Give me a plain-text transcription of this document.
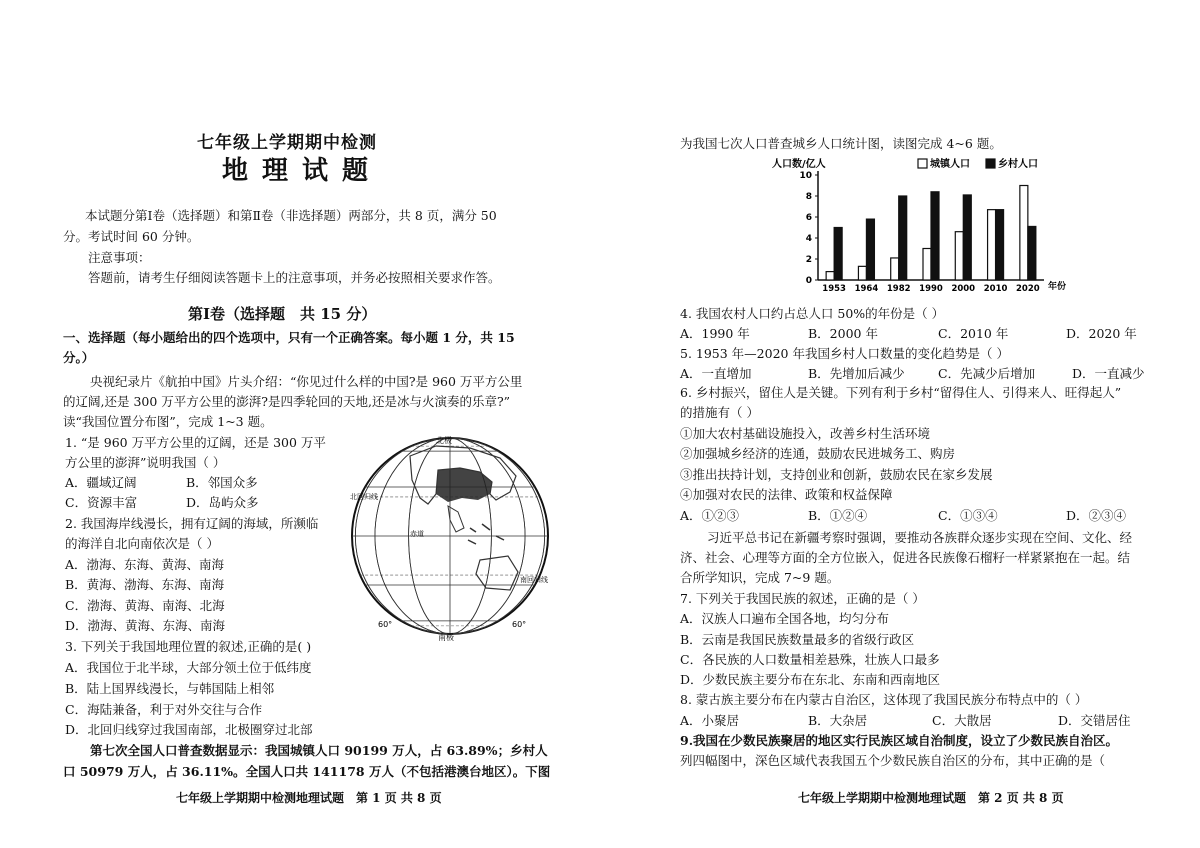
七年级上学期期中检测
地理试题
本试题分第Ⅰ卷（选择题）和第Ⅱ卷（非选择题）两部分，共 8 页，满分 50
分。考试时间 60 分钟。
注意事项：
答题前，请考生仔细阅读答题卡上的注意事项，并务必按照相关要求作答。
第Ⅰ卷（选择题　共 15 分）
一、选择题（每小题给出的四个选项中，只有一个正确答案。每小题 1 分，共 15
分。）
央视纪录片《航拍中国》片头介绍：“你见过什么样的中国?是 960 万平方公里
的辽阔,还是 300 万平方公里的澎湃?是四季轮回的天地,还是冰与火演奏的乐章?”
读“我国位置分布图”，完成 1~3 题。
1. “是 960 万平方公里的辽阔，还是 300 万平
方公里的澎湃”说明我国（ ）
A．疆域辽阔	B．邻国众多
C．资源丰富	D．岛屿众多
2. 我国海岸线漫长，拥有辽阔的海域，所濒临
的海洋自北向南依次是（ ）
A．渤海、东海、黄海、南海
B．黄海、渤海、东海、南海
C．渤海、黄海、南海、北海
D．渤海、黄海、东海、南海
3. 下列关于我国地理位置的叙述,正确的是( )
A．我国位于北半球，大部分领土位于低纬度
B．陆上国界线漫长，与韩国陆上相邻
C．海陆兼备，利于对外交往与合作
D．北回归线穿过我国南部，北极圈穿过北部
第七次全国人口普查数据显示：我国城镇人口 90199 万人，占 63.89%；乡村人
口 50979 万人，占 36.11%。全国人口共 141178 万人（不包括港澳台地区）。下图
七年级上学期期中检测地理试题　第 1 页 共 8 页
北极
北回归线
南回归线
赤道
60°	60°
南极
为我国七次人口普查城乡人口统计图，读图完成 4~6 题。
0
2
4
6
8
10
人口数/亿人
年份
1953 1964 1982 1990 2000 2010 2020
城镇人口	乡村人口
4. 我国农村人口约占总人口 50%的年份是（ ）
A．1990 年	B．2000 年	C．2010 年	D．2020 年
5. 1953 年—2020 年我国乡村人口数量的变化趋势是（ ）
A．一直增加	B．先增加后减少	C．先减少后增加	D．一直减少
6. 乡村振兴，留住人是关键。下列有利于乡村“留得住人、引得来人、旺得起人”
的措施有（ ）
①加大农村基础设施投入，改善乡村生活环境
②加强城乡经济的连通，鼓励农民进城务工、购房
③推出扶持计划，支持创业和创新，鼓励农民在家乡发展
④加强对农民的法律、政策和权益保障
A．①②③	B．①②④	C．①③④	D．②③④
习近平总书记在新疆考察时强调，要推动各族群众逐步实现在空间、文化、经
济、社会、心理等方面的全方位嵌入，促进各民族像石榴籽一样紧紧抱在一起。结
合所学知识，完成 7~9 题。
7. 下列关于我国民族的叙述，正确的是（ ）
A．汉族人口遍布全国各地，均匀分布
B．云南是我国民族数量最多的省级行政区
C．各民族的人口数量相差悬殊，壮族人口最多
D．少数民族主要分布在东北、东南和西南地区
8. 蒙古族主要分布在内蒙古自治区，这体现了我国民族分布特点中的（ ）
A．小聚居	B．大杂居	C．大散居	D．交错居住
9.我国在少数民族聚居的地区实行民族区域自治制度，设立了少数民族自治区。
列四幅图中，深色区域代表我国五个少数民族自治区的分布，其中正确的是（
七年级上学期期中检测地理试题　第 2 页 共 8 页
